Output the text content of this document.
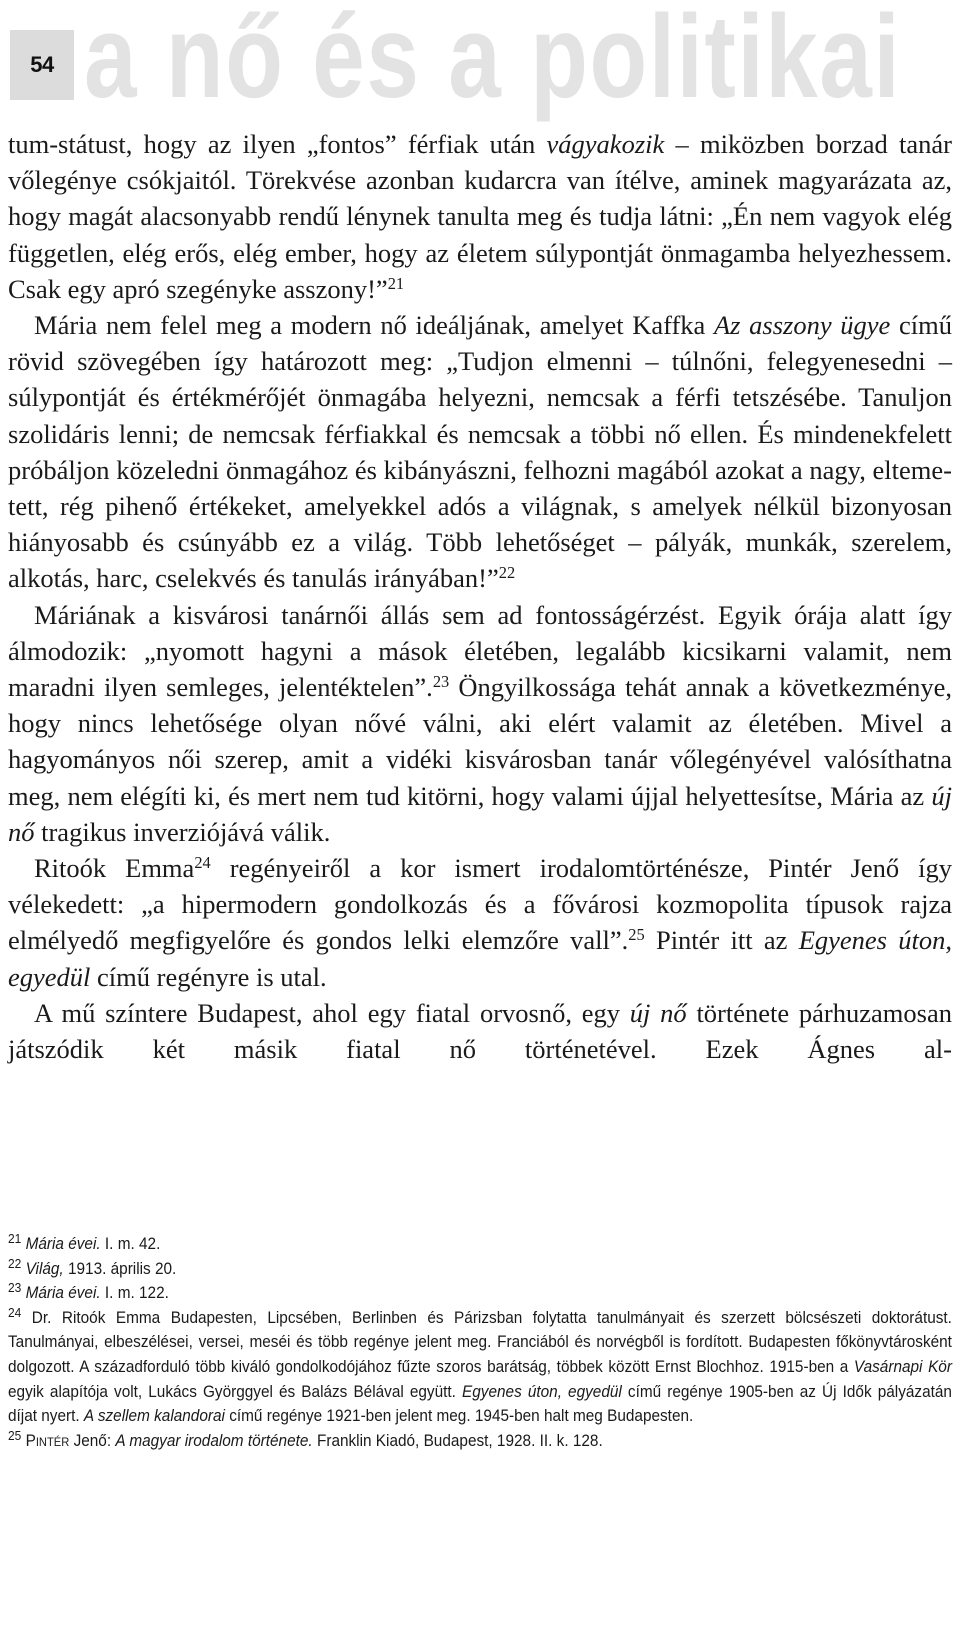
54 a nő és a politikai

tum-státust, hogy az ilyen „fontos” férfiak után vágyakozik – miközben borzad tanár vőlegénye csókjaitól. Törekvése azonban kudarcra van ítélve, aminek magyarázata az, hogy magát alacsonyabb rendű lénynek tanulta meg és tudja látni: „Én nem vagyok elég független, elég erős, elég ember, hogy az életem súlypontját önmagamba helyezhessem. Csak egy apró szegényke asszony!”$^{21}$

Mária nem felel meg a modern nő ideáljának, amelyet Kaffka Az asszony ügye című rövid szövegében így határozott meg: „Tudjon elmenni – túlnőni, felegyenesedni – súlypontját és értékmérőjét önmagába helyezni, nemcsak a férfi tetszésébe. Tanuljon szolidáris lenni; de nemcsak férfiakkal és nemcsak a többi nő ellen. És mindenekfelett próbáljon közeledni önmagához és kibányászni, felhozni magából azokat a nagy, eltemetett, rég pihenő értékeket, amelyekkel adós a világnak, s amelyek nélkül bizonyosan hiányosabb és csúnyább ez a világ. Több lehetőséget – pályák, munkák, szerelem, alkotás, harc, cselekvés és tanulás irányában!”$^{22}$

Máriának a kisvárosi tanárnői állás sem ad fontosságérzést. Egyik órája alatt így álmodozik: „nyomott hagyni a mások életében, legalább kicsikarni valamit, nem maradni ilyen semleges, jelentéktelen”.$^{23}$ Öngyilkossága tehát annak a következménye, hogy nincs lehetősége olyan nővé válni, aki elért valamit az életében. Mivel a hagyományos női szerep, amit a vidéki kisvárosban tanár vőlegényével valósíthatna meg, nem elégíti ki, és mert nem tud kitörni, hogy valami újjal helyettesítse, Mária az új nő tragikus inverziójává válik.

Ritoók Emma$^{24}$ regényeiről a kor ismert irodalomtörténésze, Pintér Jenő így vélekedett: „a hipermodern gondolkozás és a fővárosi kozmopolita típusok rajza elmélyedő megfigyelőre és gondos lelki elemzőre vall”.$^{25}$ Pintér itt az Egyenes úton, egyedül című regényre is utal.

A mű színtere Budapest, ahol egy fiatal orvosnő, egy új nő története párhuzamosan játszódik két másik fiatal nő történetével. Ezek Ágnes al-

$^{21}$ Mária évei. I. m. 42.

$^{22}$ Világ, 1913. április 20.

$^{23}$ Mária évei. I. m. 122.

$^{24}$ Dr. Ritoók Emma Budapesten, Lipcsében, Berlinben és Párizsban folytatta tanulmányait és szerzett bölcsészeti doktorátust. Tanulmányai, elbeszélései, versei, meséi és több regénye jelent meg. Franciából és norvégből is fordított. Budapesten főkönyvtárosként dolgozott. A századforduló több kiváló gondolkodójához fűzte szoros barátság, többek között Ernst Blochhoz. 1915-ben a Vasárnapi Kör egyik alapítója volt, Lukács Györggyel és Balázs Bélával együtt. Egyenes úton, egyedül című regénye 1905-ben az Új Idők pályázatán díjat nyert. A szellem kalandorai című regénye 1921-ben jelent meg. 1945-ben halt meg Budapesten.

$^{25}$ Pintér Jenő: A magyar irodalom története. Franklin Kiadó, Budapest, 1928. II. k. 128.
